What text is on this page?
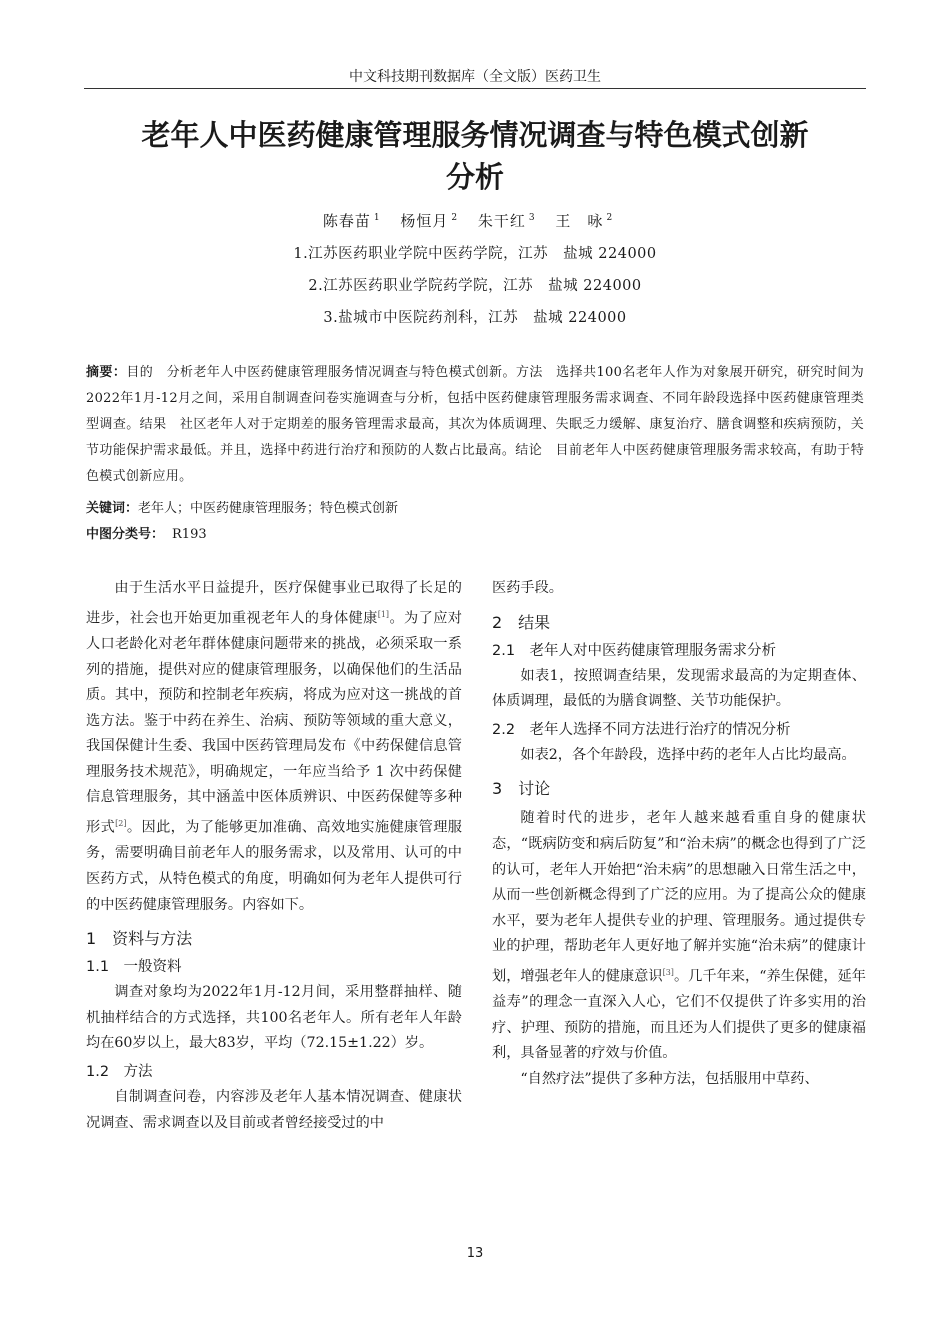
中文科技期刊数据库（全文版）医药卫生
老年人中医药健康管理服务情况调查与特色模式创新
分析
陈春苗 $^1$ 杨恒月 $^2$ 朱干红 $^3$ 王　咏 $^2$
1.江苏医药职业学院中医药学院，江苏　盐城 224000
2.江苏医药职业学院药学院，江苏　盐城 224000
3.盐城市中医院药剂科，江苏　盐城 224000
摘要：目的　分析老年人中医药健康管理服务情况调查与特色模式创新。方法　选择共100名老年人作为对象展开研究，研究时间为2022年1月-12月之间，采用自制调查问卷实施调查与分析，包括中医药健康管理服务需求调查、不同年龄段选择中医药健康管理类型调查。结果　社区老年人对于定期差的服务管理需求最高，其次为体质调理、失眠乏力缓解、康复治疗、膳食调整和疾病预防，关节功能保护需求最低。并且，选择中药进行治疗和预防的人数占比最高。结论　目前老年人中医药健康管理服务需求较高，有助于特色模式创新应用。
关键词：老年人；中医药健康管理服务；特色模式创新
中图分类号： R193

由于生活水平日益提升，医疗保健事业已取得了长足的进步，社会也开始更加重视老年人的身体健康[1]。为了应对人口老龄化对老年群体健康问题带来的挑战，必须采取一系列的措施，提供对应的健康管理服务，以确保他们的生活品质。其中，预防和控制老年疾病，将成为应对这一挑战的首选方法。鉴于中药在养生、治病、预防等领域的重大意义，我国保健计生委、我国中医药管理局发布《中药保健信息管理服务技术规范》，明确规定，一年应当给予 1 次中药保健信息管理服务，其中涵盖中医体质辨识、中医药保健等多种形式[2]。因此，为了能够更加准确、高效地实施健康管理服务，需要明确目前老年人的服务需求，以及常用、认可的中医药方式，从特色模式的角度，明确如何为老年人提供可行的中医药健康管理服务。内容如下。

1　资料与方法
1.1　一般资料

调查对象均为2022年1月-12月间，采用整群抽样、随机抽样结合的方式选择，共100名老年人。所有老年人年龄均在60岁以上，最大83岁，平均（72.15±1.22）岁。

1.2　方法

自制调查问卷，内容涉及老年人基本情况调查、健康状况调查、需求调查以及目前或者曾经接受过的中

医药手段。

2　结果
2.1　老年人对中医药健康管理服务需求分析

如表1，按照调查结果，发现需求最高的为定期查体、体质调理，最低的为膳食调整、关节功能保护。

2.2　老年人选择不同方法进行治疗的情况分析

如表2，各个年龄段，选择中药的老年人占比均最高。

3　讨论

随着时代的进步，老年人越来越看重自身的健康状态，“既病防变和病后防复”和“治未病”的概念也得到了广泛的认可，老年人开始把“治未病”的思想融入日常生活之中，从而一些创新概念得到了广泛的应用。为了提高公众的健康水平，要为老年人提供专业的护理、管理服务。通过提供专业的护理，帮助老年人更好地了解并实施“治未病”的健康计划，增强老年人的健康意识[3]。几千年来，“养生保健，延年益寿”的理念一直深入人心，它们不仅提供了许多实用的治疗、护理、预防的措施，而且还为人们提供了更多的健康福利，具备显著的疗效与价值。

“自然疗法”提供了多种方法，包括服用中草药、

13
